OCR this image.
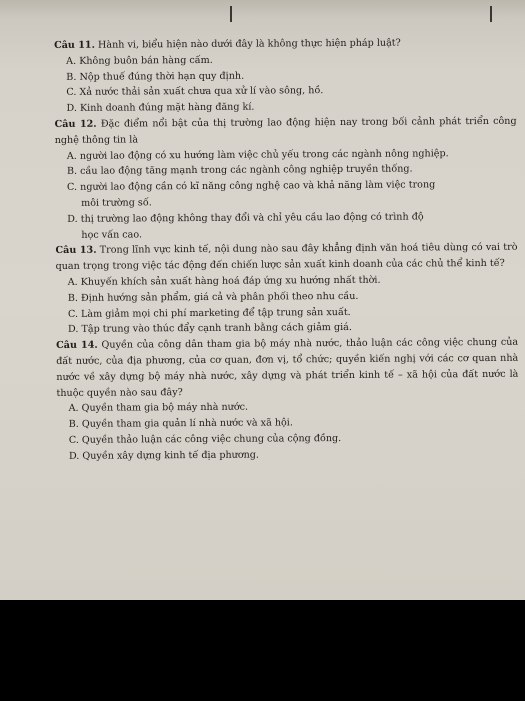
Câu 11. Hành vi, biểu hiện nào dưới đây là không thực hiện pháp luật?

A. Không buôn bán hàng cấm.

B. Nộp thuế đúng thời hạn quy định.

C. Xả nước thải sản xuất chưa qua xử lí vào sông, hồ.

D. Kinh doanh đúng mặt hàng đăng kí.

Câu 12. Đặc điểm nổi bật của thị trường lao động hiện nay trong bối cảnh phát triển công nghệ thông tin là

A. người lao động có xu hướng làm việc chủ yếu trong các ngành nông nghiệp.

B. cầu lao động tăng mạnh trong các ngành công nghiệp truyền thống.

C. người lao động cần có kĩ năng công nghệ cao và khả năng làm việc trong
môi trường số.

D. thị trường lao động không thay đổi và chỉ yêu cầu lao động có trình độ
học vấn cao.

Câu 13. Trong lĩnh vực kinh tế, nội dung nào sau đây khẳng định văn hoá tiêu dùng có vai trò quan trọng trong việc tác động đến chiến lược sản xuất kinh doanh của các chủ thể kinh tế?

A. Khuyến khích sản xuất hàng hoá đáp ứng xu hướng nhất thời.

B. Định hướng sản phẩm, giá cả và phân phối theo nhu cầu.

C. Làm giảm mọi chi phí marketing để tập trung sản xuất.

D. Tập trung vào thúc đẩy cạnh tranh bằng cách giảm giá.

Câu 14. Quyền của công dân tham gia bộ máy nhà nước, thảo luận các công việc chung của đất nước, của địa phương, của cơ quan, đơn vị, tổ chức; quyền kiến nghị với các cơ quan nhà nước về xây dựng bộ máy nhà nước, xây dựng và phát triển kinh tế – xã hội của đất nước là thuộc quyền nào sau đây?

A. Quyền tham gia bộ máy nhà nước.

B. Quyền tham gia quản lí nhà nước và xã hội.

C. Quyền thảo luận các công việc chung của cộng đồng.

D. Quyền xây dựng kinh tế địa phương.
